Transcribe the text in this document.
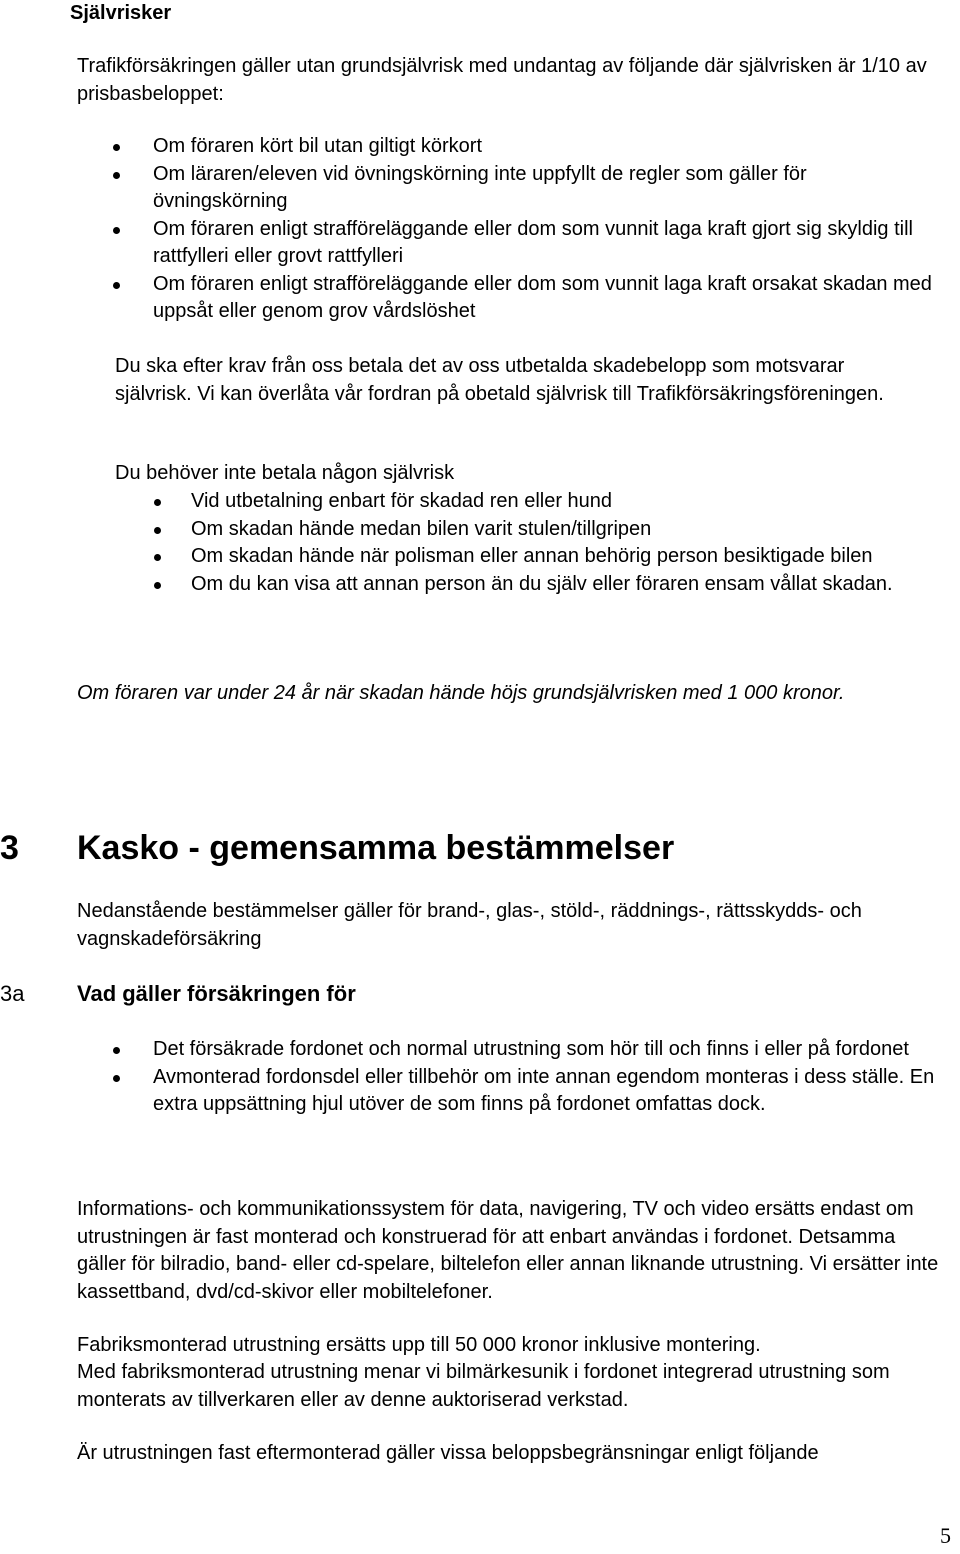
Självrisker

Trafikförsäkringen gäller utan grundsjälvrisk med undantag av följande där självrisken är 1/10 av prisbasbeloppet:

Om föraren kört bil utan giltigt körkort
Om läraren/eleven vid övningskörning inte uppfyllt de regler som gäller för övningskörning
Om föraren enligt strafföreläggande eller dom som vunnit laga kraft gjort sig skyldig till rattfylleri eller grovt rattfylleri
Om föraren enligt strafföreläggande eller dom som vunnit laga kraft orsakat skadan med uppsåt eller genom grov vårdslöshet

Du ska efter krav från oss betala det av oss utbetalda skadebelopp som motsvarar självrisk. Vi kan överlåta vår fordran på obetald självrisk till Trafikförsäkringsföreningen.

Du behöver inte betala någon självrisk

Vid utbetalning enbart för skadad ren eller hund
Om skadan hände medan bilen varit stulen/tillgripen
Om skadan hände när polisman eller annan behörig person besiktigade bilen
Om du kan visa att annan person än du själv eller föraren ensam vållat skadan.

Om föraren var under 24 år när skadan hände höjs grundsjälvrisken med 1 000 kronor.

3 Kasko - gemensamma bestämmelser

Nedanstående bestämmelser gäller för brand-, glas-, stöld-, räddnings-, rättsskydds- och vagnskadeförsäkring

3a Vad gäller försäkringen för
Det försäkrade fordonet och normal utrustning som hör till och finns i eller på fordonet
Avmonterad fordonsdel eller tillbehör om inte annan egendom monteras i dess ställe. En extra uppsättning hjul utöver de som finns på fordonet omfattas dock.

Informations- och kommunikationssystem för data, navigering, TV och video ersätts endast om utrustningen är fast monterad och konstruerad för att enbart användas i fordonet. Detsamma gäller för bilradio, band- eller cd-spelare, biltelefon eller annan liknande utrustning. Vi ersätter inte kassettband, dvd/cd-skivor eller mobiltelefoner.

Fabriksmonterad utrustning ersätts upp till 50 000 kronor inklusive montering.

Med fabriksmonterad utrustning menar vi bilmärkesunik i fordonet integrerad utrustning som monterats av tillverkaren eller av denne auktoriserad verkstad.

Är utrustningen fast eftermonterad gäller vissa beloppsbegränsningar enligt följande

5
